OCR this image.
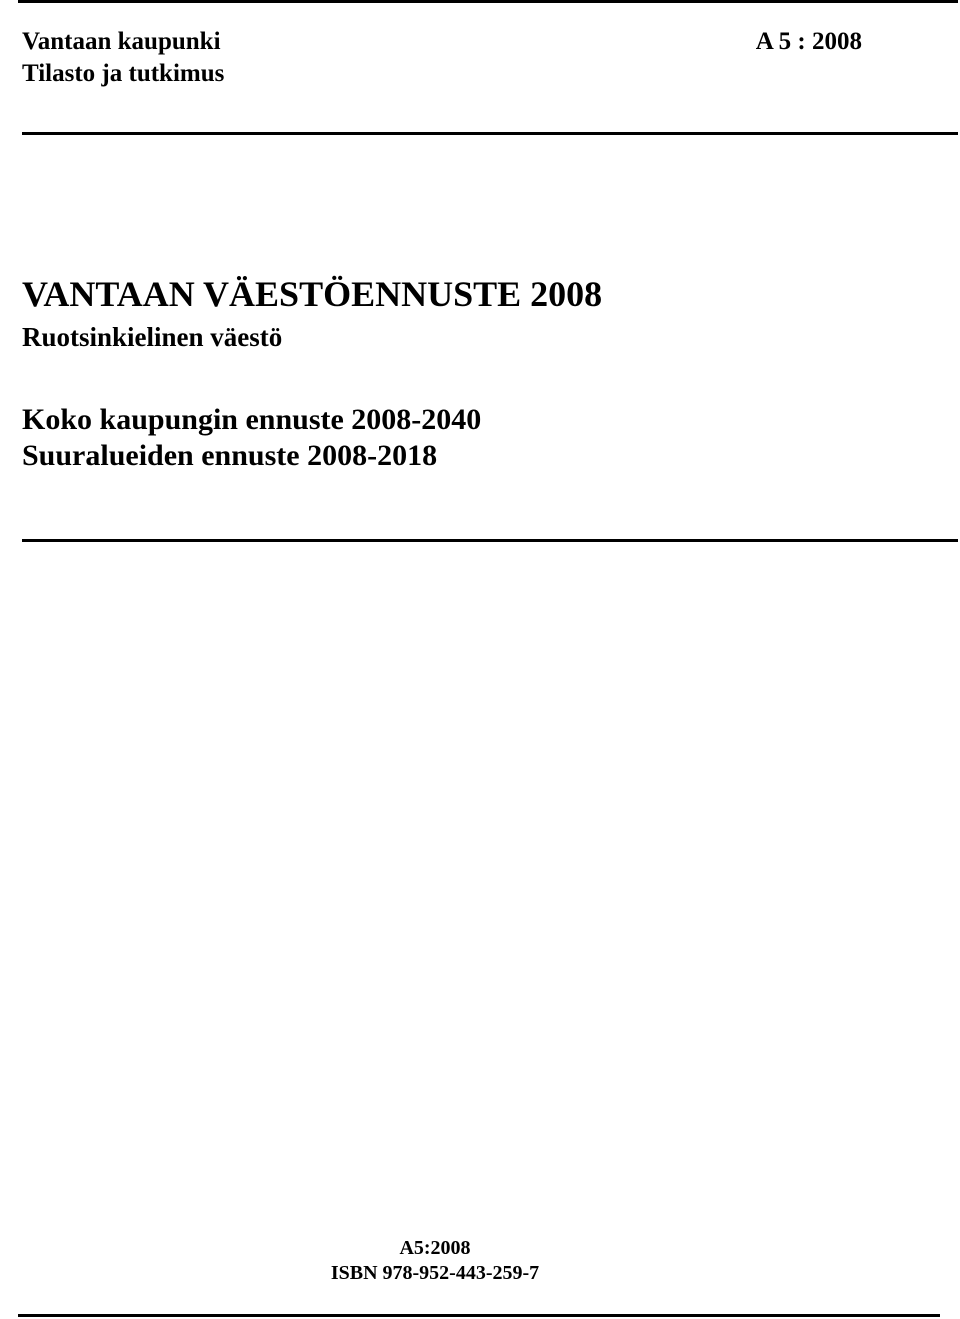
Vantaan kaupunki
Tilasto ja tutkimus
A 5 : 2008
VANTAAN VÄESTÖENNUSTE 2008
Ruotsinkielinen väestö
Koko kaupungin ennuste 2008-2040
Suuralueiden ennuste 2008-2018
A5:2008
ISBN 978-952-443-259-7
